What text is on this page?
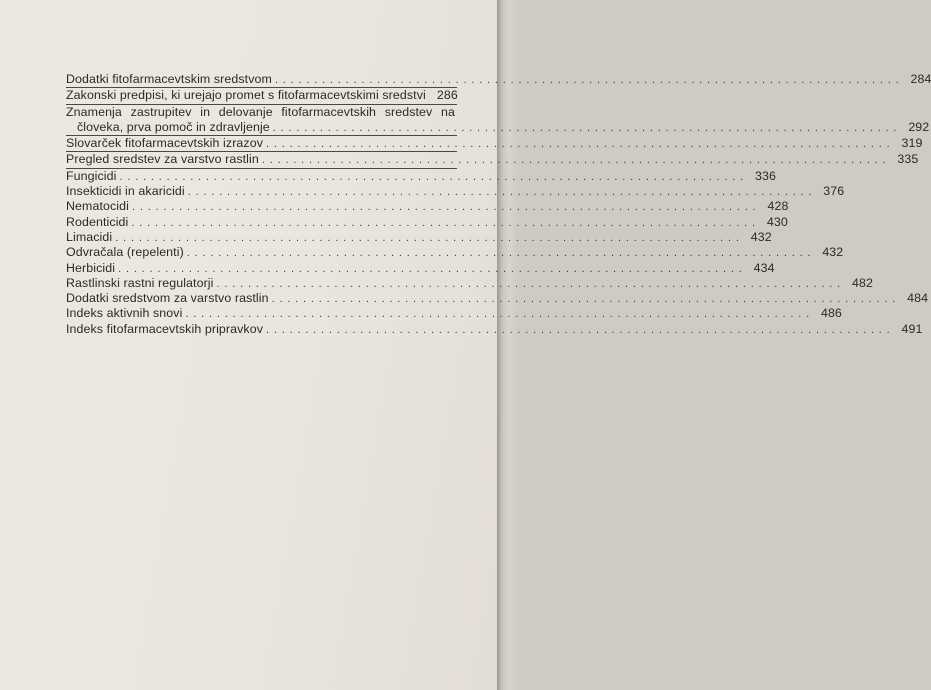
Dodatki fitofarmacevtskim sredstvom ................................................................................ 284
Zakonski predpisi, ki urejajo promet s fitofarmacevtskimi sredstvi 286
Znamenja zastrupitev in delovanje fitofarmacevtskih sredstev na
človeka, prva pomoč in zdravljenje ................................................................................ 292
Slovarček fitofarmacevtskih izrazov ................................................................................ 319
Pregled sredstev za varstvo rastlin ................................................................................ 335
Fungicidi ................................................................................ 336
Insekticidi in akaricidi ................................................................................ 376
Nematocidi ................................................................................ 428
Rodenticidi ................................................................................ 430
Limacidi ................................................................................ 432
Odvračala (repelenti) ................................................................................ 432
Herbicidi ................................................................................ 434
Rastlinski rastni regulatorji ................................................................................ 482
Dodatki sredstvom za varstvo rastlin ................................................................................ 484
Indeks aktivnih snovi ................................................................................ 486
Indeks fitofarmacevtskih pripravkov ................................................................................ 491
